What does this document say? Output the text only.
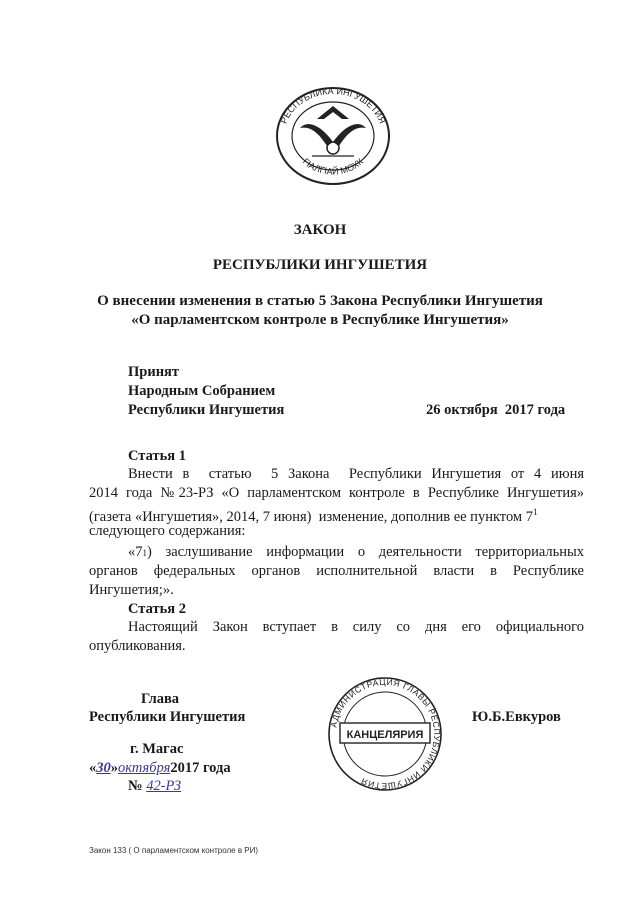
РЕСПУБЛИКА ИНГУШЕТИЯ
ГІАЛГІАЙ МОХК
ЗАКОН
РЕСПУБЛИКИ ИНГУШЕТИЯ
О внесении изменения в статью 5 Закона Республики Ингушетия
«О парламентском контроле в Республике Ингушетия»
Принят
Народным Собранием
Республики Ингушетия	26 октября  2017 года
Статья 1
Внести в  статью  5 Закона  Республики Ингушетия от 4 июня
2014 года №23-РЗ «О парламентском контроле в Республике Ингушетия»
(газета «Ингушетия», 2014, 7 июня)  изменение, дополнив ее пунктом $7^1$
следующего содержания:
«7 1 ) заслушивание информации о деятельности территориальных
органов федеральных органов исполнительной власти в Республике
Ингушетия;».
Статья 2
Настоящий Закон вступает в силу со дня его официального
опубликования.
Глава
Республики Ингушетия	Ю.Б.Евкуров
г. Магас
«30»октября2017 года
№ 42-РЗ
АДМИНИСТРАЦИЯ ГЛАВЫ РЕСПУБЛИКИ ИНГУШЕТИЯ
КАНЦЕЛЯРИЯ
Закон 133 ( О парламентском контроле в РИ)
